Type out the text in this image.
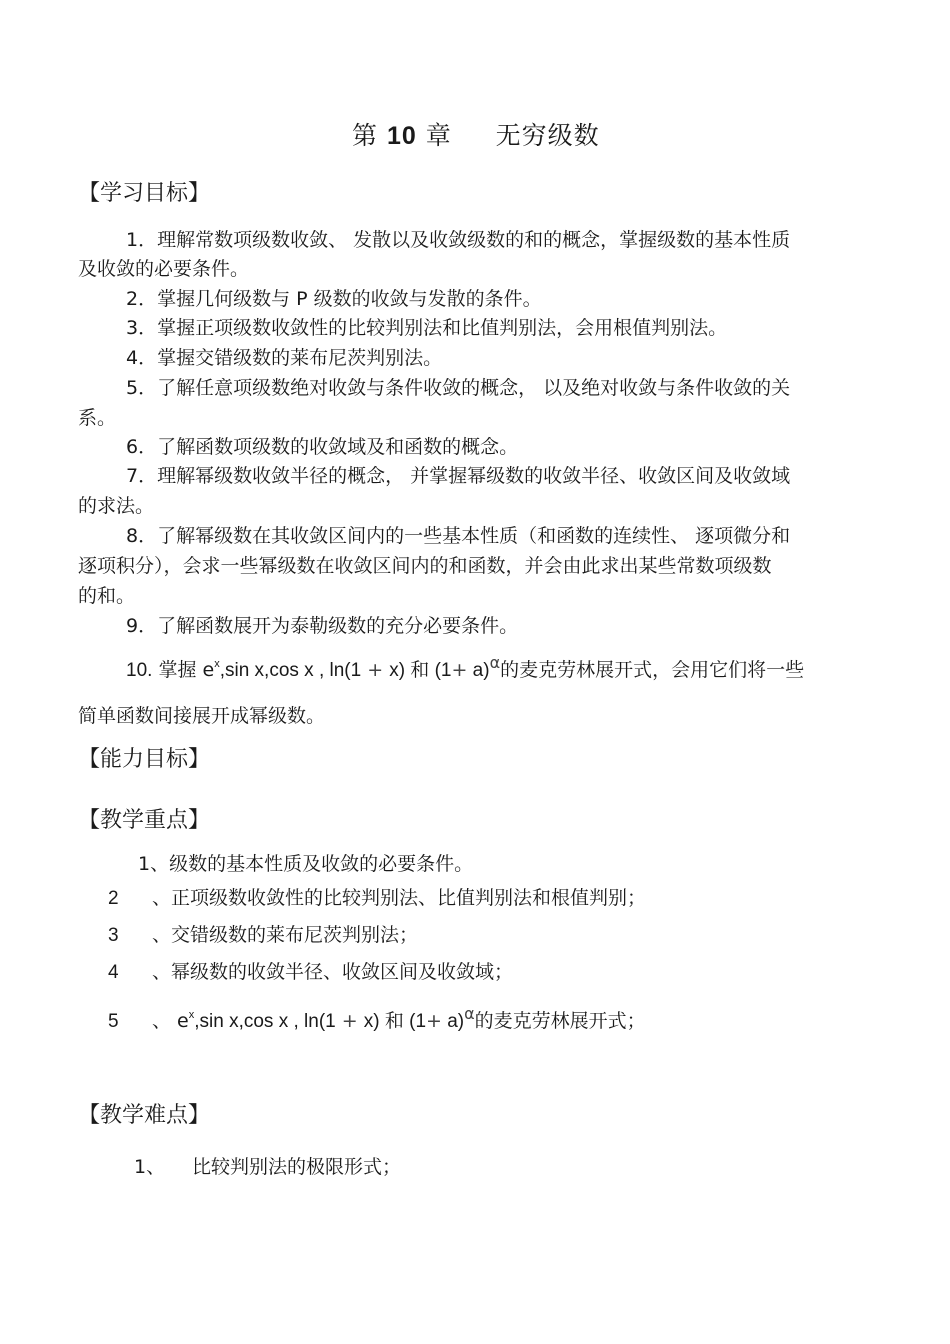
第 10 章 无穷级数
【学习目标】
1．理解常数项级数收敛、 发散以及收敛级数的和的概念，掌握级数的基本性质
及收敛的必要条件。
2．掌握几何级数与 P 级数的收敛与发散的条件。
3．掌握正项级数收敛性的比较判别法和比值判别法，会用根值判别法。
4．掌握交错级数的莱布尼茨判别法。
5．了解任意项级数绝对收敛与条件收敛的概念， 以及绝对收敛与条件收敛的关
系。
6．了解函数项级数的收敛域及和函数的概念。
7．理解幂级数收敛半径的概念， 并掌握幂级数的收敛半径、收敛区间及收敛域
的求法。
8．了解幂级数在其收敛区间内的一些基本性质（和函数的连续性、 逐项微分和
逐项积分），会求一些幂级数在收敛区间内的和函数，并会由此求出某些常数项级数
的和。
9．了解函数展开为泰勒级数的充分必要条件。
10. 掌握 $e^x,\sin$ x,cos x , ln(1 + x) 和 $(1+ a)^\alpha$的麦克劳林展开式，会用它们将一些
简单函数间接展开成幂级数。
【能力目标】
【教学重点】
1、级数的基本性质及收敛的必要条件。
2 、正项级数收敛性的比较判别法、比值判别法和根值判别；
3 、交错级数的莱布尼茨判别法；
4 、幂级数的收敛半径、收敛区间及收敛域；
5 、 $e^x,\sin$ x,cos x , ln(1 + x) 和 $(1+ a)^\alpha$的麦克劳林展开式；
【教学难点】
1、 比较判别法的极限形式；
